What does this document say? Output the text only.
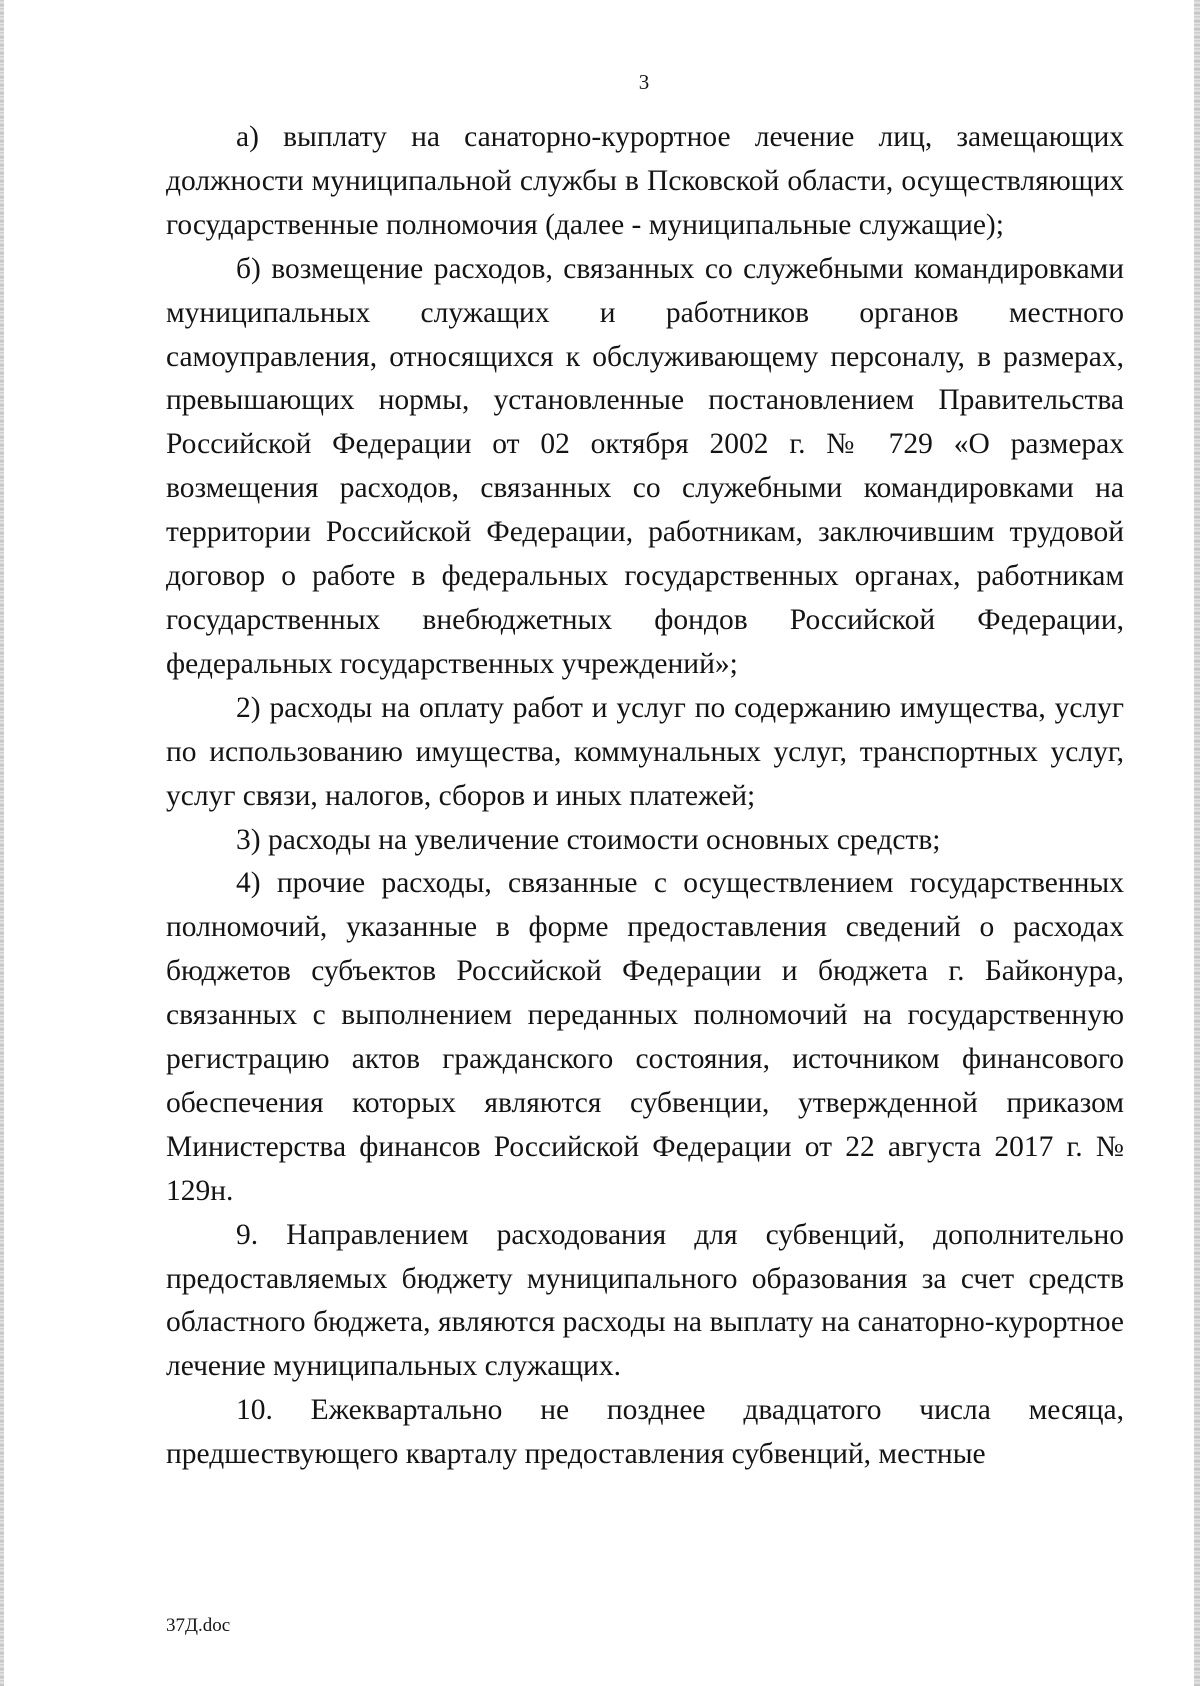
3

а) выплату на санаторно-курортное лечение лиц, замещающих должности муниципальной службы в Псковской области, осуществляющих государственные полномочия (далее - муниципальные служащие);

б) возмещение расходов, связанных со служебными командировками муниципальных служащих и работников органов местного самоуправления, относящихся к обслуживающему персоналу, в размерах, превышающих нормы, установленные постановлением Правительства Российской Федерации от 02 октября 2002 г. № 729 «О размерах возмещения расходов, связанных со служебными командировками на территории Российской Федерации, работникам, заключившим трудовой договор о работе в федеральных государственных органах, работникам государственных внебюджетных фондов Российской Федерации, федеральных государственных учреждений»;

2) расходы на оплату работ и услуг по содержанию имущества, услуг по использованию имущества, коммунальных услуг, транспортных услуг, услуг связи, налогов, сборов и иных платежей;

3) расходы на увеличение стоимости основных средств;

4) прочие расходы, связанные с осуществлением государственных полномочий, указанные в форме предоставления сведений о расходах бюджетов субъектов Российской Федерации и бюджета г. Байконура, связанных с выполнением переданных полномочий на государственную регистрацию актов гражданского состояния, источником финансового обеспечения которых являются субвенции, утвержденной приказом Министерства финансов Российской Федерации от 22 августа 2017 г. № 129н.

9. Направлением расходования для субвенций, дополнительно предоставляемых бюджету муниципального образования за счет средств областного бюджета, являются расходы на выплату на санаторно-курортное лечение муниципальных служащих.

10. Ежеквартально не позднее двадцатого числа месяца, предшествующего кварталу предоставления субвенций, местные

37Д.doc
